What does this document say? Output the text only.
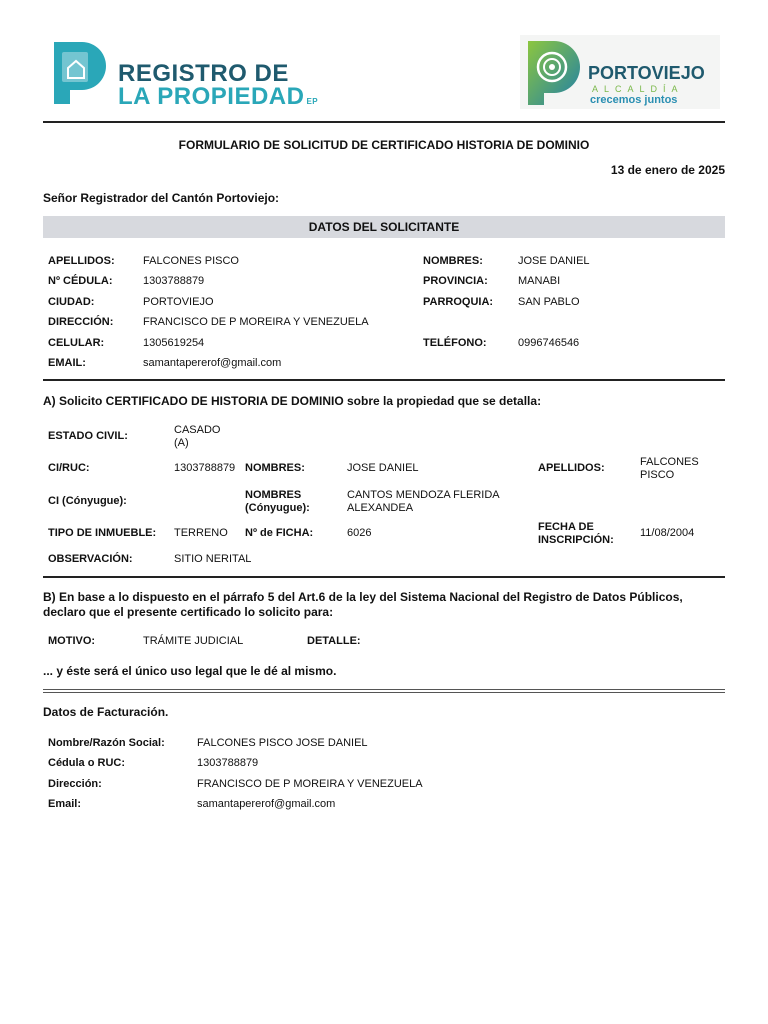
REGISTRO DE
LA PROPIEDAD EP
PORTOVIEJO
ALCALDÍA
crecemos juntos
FORMULARIO DE SOLICITUD DE CERTIFICADO HISTORIA DE DOMINIO
13 de enero de 2025
Señor Registrador del Cantón Portoviejo:
DATOS DEL SOLICITANTE
APELLIDOS:	FALCONES PISCO	NOMBRES:	JOSE DANIEL
Nº CÉDULA:	1303788879	PROVINCIA:	MANABI
CIUDAD:	PORTOVIEJO	PARROQUIA: SAN PABLO
DIRECCIÓN:	FRANCISCO DE P MOREIRA Y VENEZUELA
CELULAR:	1305619254	TELÉFONO:	0996746546
EMAIL:	samantapererof@gmail.com
A) Solicito CERTIFICADO DE HISTORIA DE DOMINIO sobre la propiedad que se detalla:
ESTADO CIVIL:	CASADO (A)
CI/RUC:	1303788879 NOMBRES:	JOSE DANIEL	APELLIDOS:	FALCONES PISCO
CI (Cónyugue):	NOMBRES (Cónyugue):
CANTOS MENDOZA FLERIDA ALEXANDEA
TIPO DE INMUEBLE: TERRENO Nº de FICHA:	6026	FECHA DE INSCRIPCIÓN:
11/08/2004
OBSERVACIÓN:	SITIO NERITAL
B) En base a lo dispuesto en el párrafo 5 del Art.6 de la ley del Sistema Nacional del Registro de Datos Públicos, declaro que el presente certificado lo solicito para:
MOTIVO:	TRÁMITE JUDICIAL	DETALLE:
... y éste será el único uso legal que le dé al mismo.
Datos de Facturación.
Nombre/Razón Social:	FALCONES PISCO JOSE DANIEL
Cédula o RUC:	1303788879
Dirección:	FRANCISCO DE P MOREIRA Y VENEZUELA
Email:	samantapererof@gmail.com
